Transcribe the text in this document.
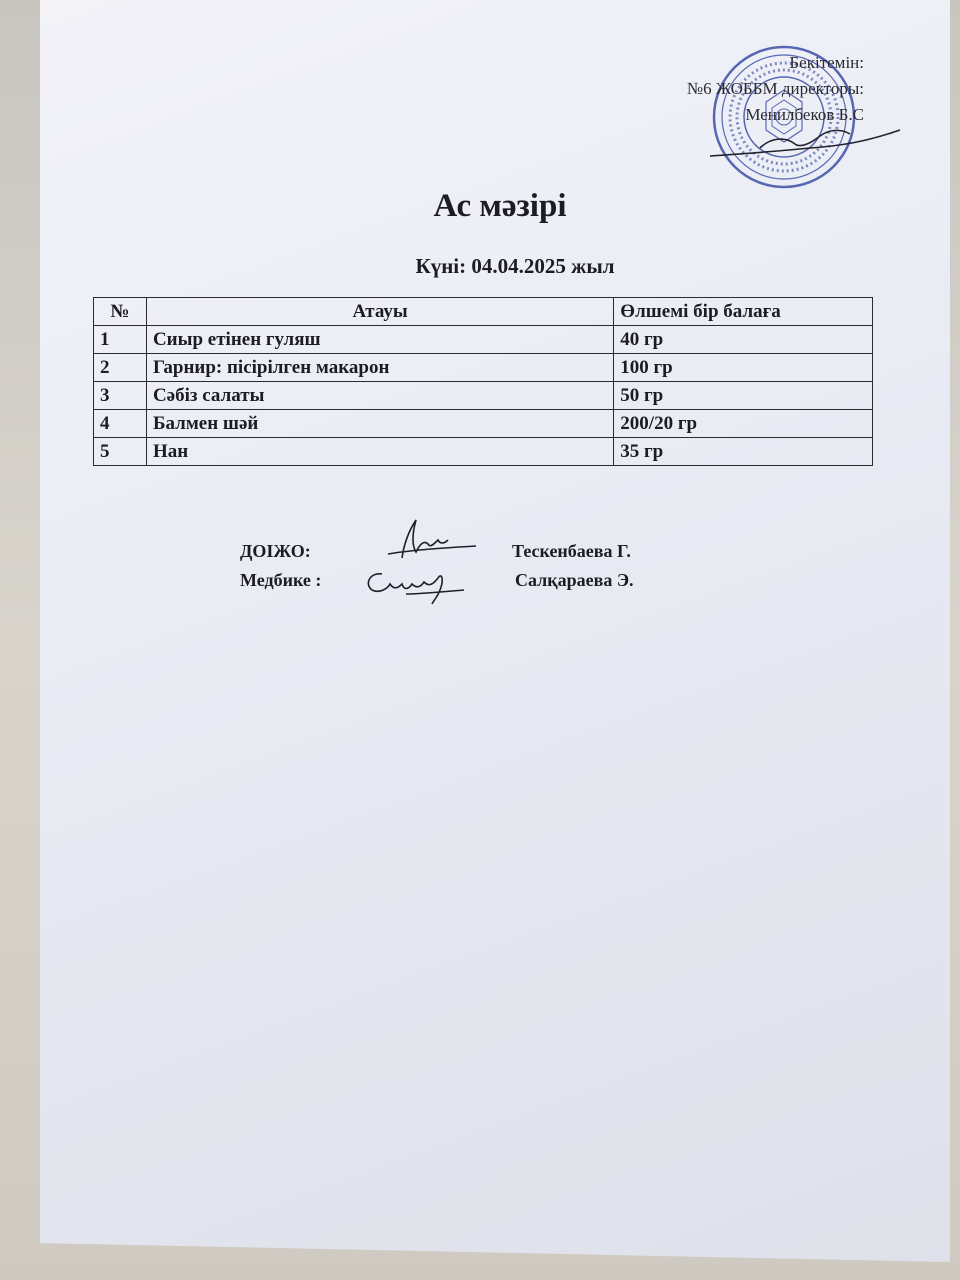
Бекітемін:
№6 ЖОББМ директоры:
Менилбеков Б.С
Ас мәзірі
Күні: 04.04.2025 жыл
№	Атауы	Өлшемі бір балаға
1	Сиыр етінен гуляш	40 гр
2	Гарнир: пісірілген макарон	100 гр
3	Сәбіз салаты	50 гр
4	Балмен шәй	200/20 гр
5	Нан	35 гр
ДОІЖО:	Тескенбаева Г.
Медбике :	Салқараева Э.
